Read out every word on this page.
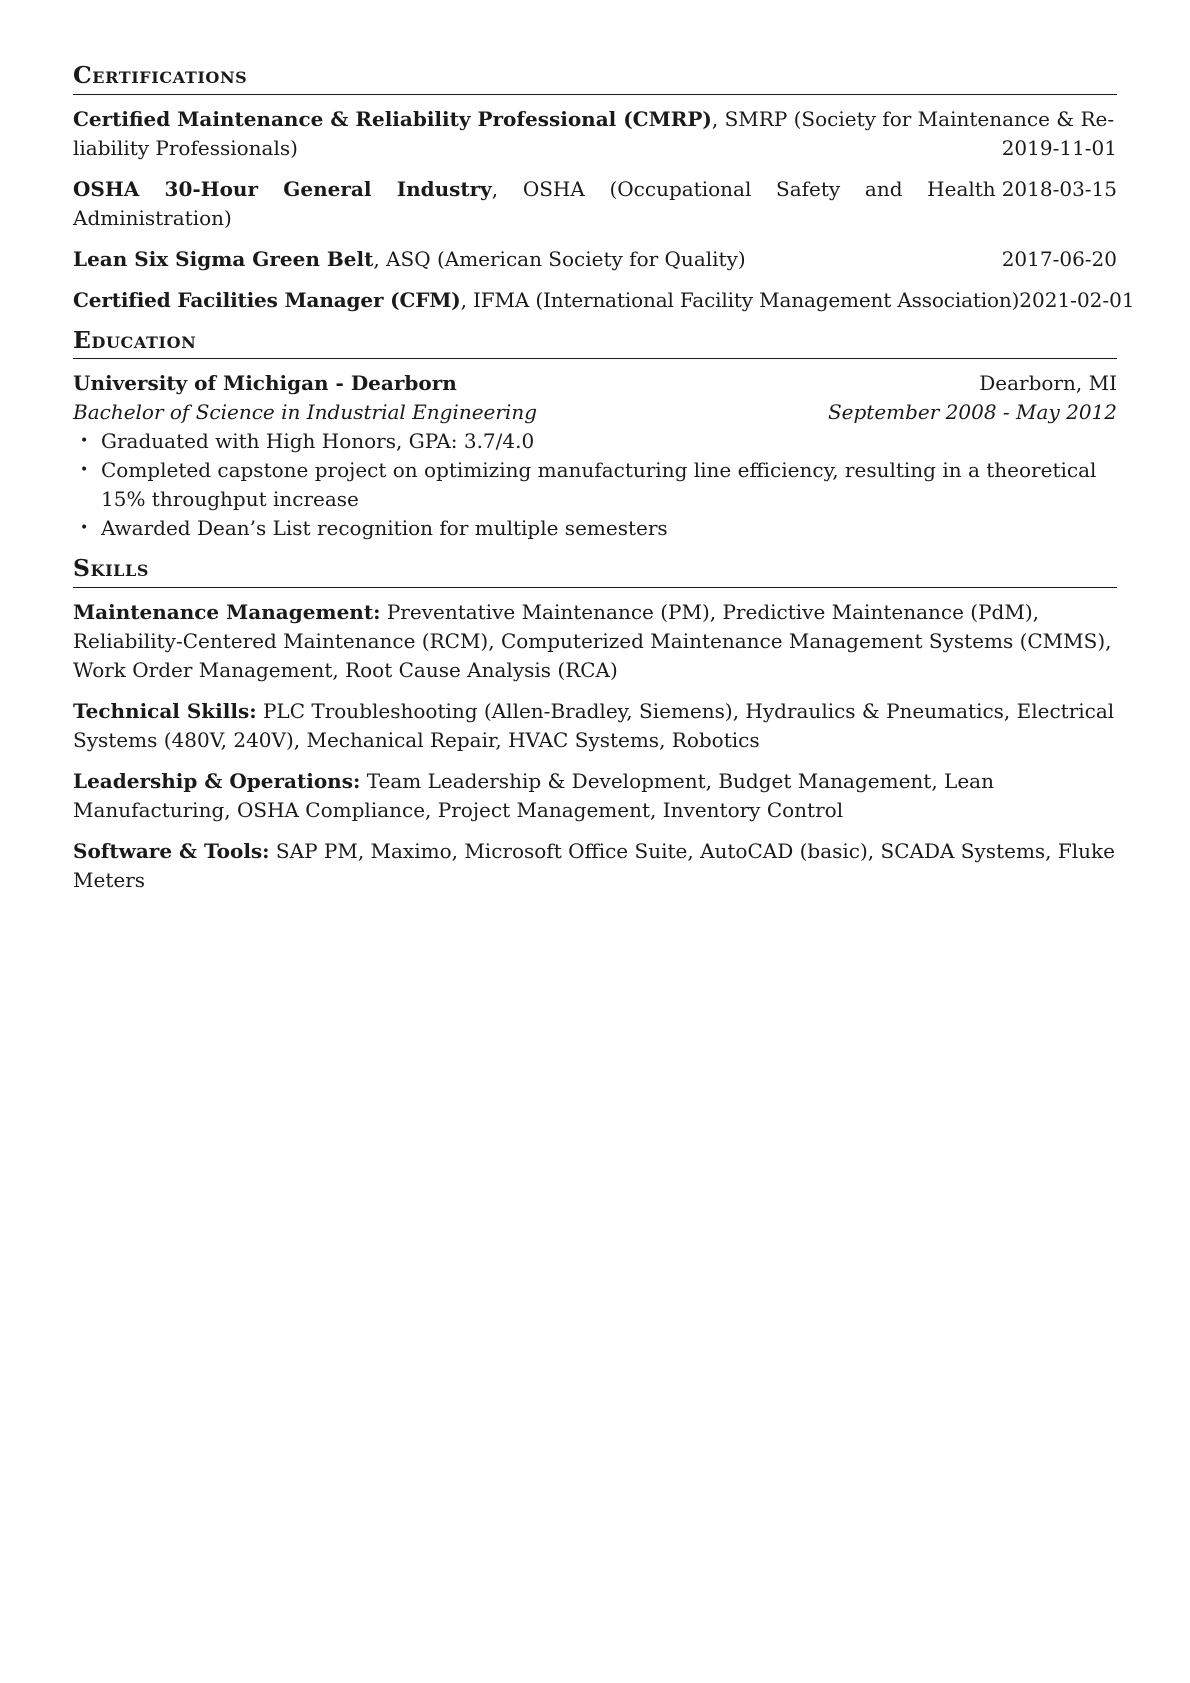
Certifications
Certified Maintenance & Reliability Professional (CMRP), SMRP (Society for Maintenance & Re-
liability Professionals)	2019-11-01
OSHA 30-Hour General Industry, OSHA (Occupational Safety and Health Administration)
2018-03-15
Lean Six Sigma Green Belt, ASQ (American Society for Quality)	2017-06-20
Certified Facilities Manager (CFM), IFMA (International Facility Management Association) 2021-02-01
Education
University of Michigan - Dearborn	Dearborn, MI
Bachelor of Science in Industrial Engineering	September 2008 - May 2012
• Graduated with High Honors, GPA: 3.7/4.0
• Completed capstone project on optimizing manufacturing line efficiency, resulting in a theoretical 15% throughput increase
• Awarded Dean’s List recognition for multiple semesters
Skills
Maintenance Management: Preventative Maintenance (PM), Predictive Maintenance (PdM), Reliability-Centered Maintenance (RCM), Computerized Maintenance Management Systems (CMMS), Work Order Management, Root Cause Analysis (RCA)
Technical Skills: PLC Troubleshooting (Allen-Bradley, Siemens), Hydraulics & Pneumatics, Electrical Systems (480V, 240V), Mechanical Repair, HVAC Systems, Robotics
Leadership & Operations: Team Leadership & Development, Budget Management, Lean Manufacturing, OSHA Compliance, Project Management, Inventory Control
Software & Tools: SAP PM, Maximo, Microsoft Office Suite, AutoCAD (basic), SCADA Systems, Fluke Meters
